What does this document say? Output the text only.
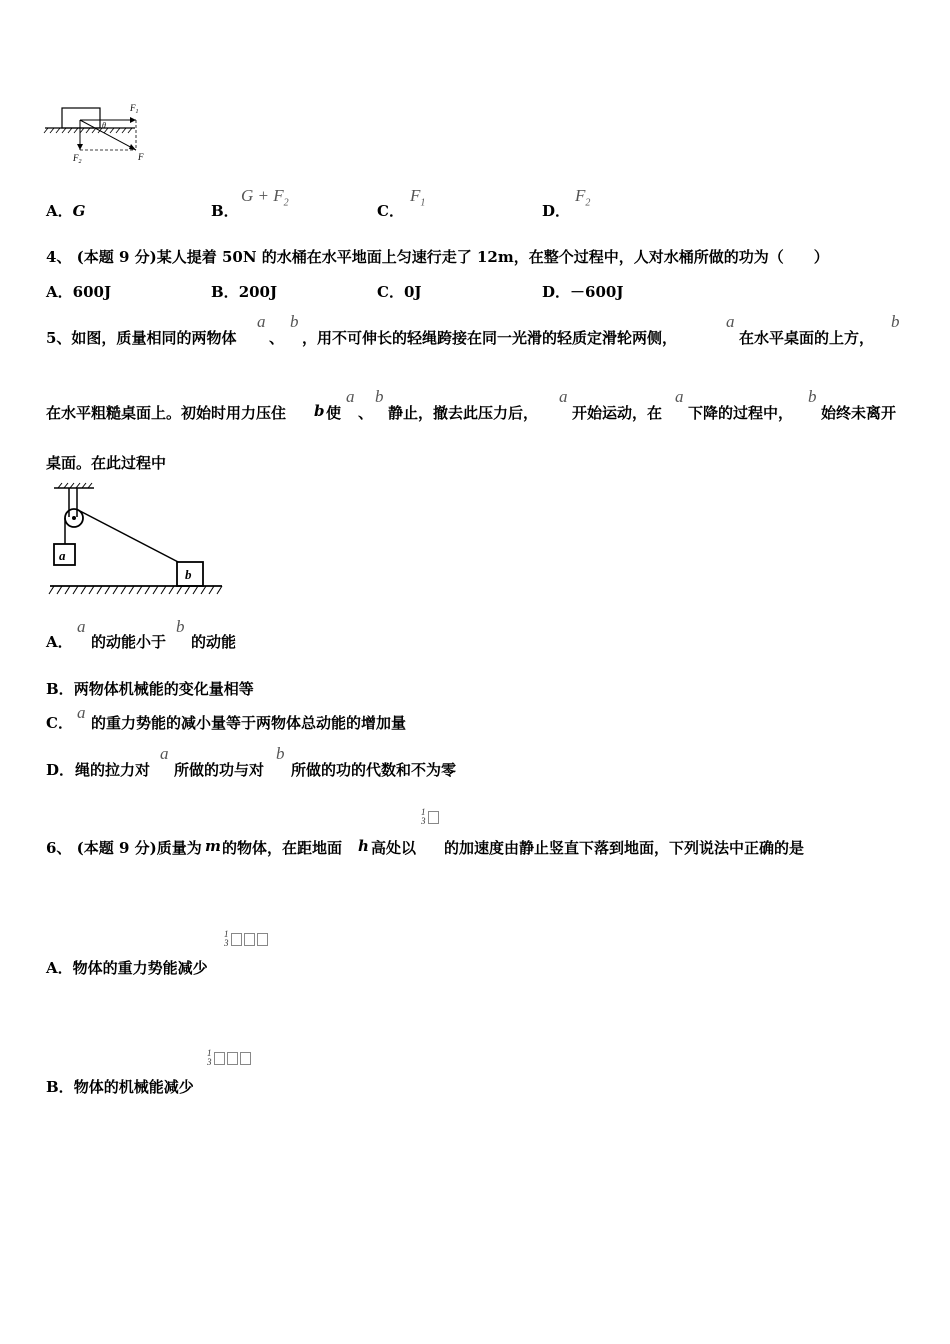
$F_1$
$F_2$	F
θ
A．G	B．
$G + F_2$	C．
$F_1$	D．
$F_2$
4、 (本题 9 分)某人提着 50N 的水桶在水平地面上匀速行走了 12m，在整个过程中，人对水桶所做的功为（　　）
A．600J	B．200J	C．0J	D．－600J
5、如图，质量相同的两物体
a
、
b
，用不可伸长的轻绳跨接在同一光滑的轻质定滑轮两侧，
a
在水平桌面的上方，
b
在水平粗糙桌面上。初始时用力压住 b 使
a
、
b
静止，撤去此压力后，
a
开始运动，在
a
下降的过程中，
b
始终未离开
桌面。在此过程中
a
b
A．
a
的动能小于
b
的动能
B．两物体机械能的变化量相等
C．
a
的重力势能的减小量等于两物体总动能的增加量
D． 绳的拉力对
a
所做的功与对
b
所做的功的代数和不为零
6、 (本题 9 分)质量为 m 的物体，在距地面 h 高处以
1
3
的加速度由静止竖直下落到地面，下列说法中正确的是
A．物体的重力势能减少
1
3
B．物体的机械能减少
1
3
